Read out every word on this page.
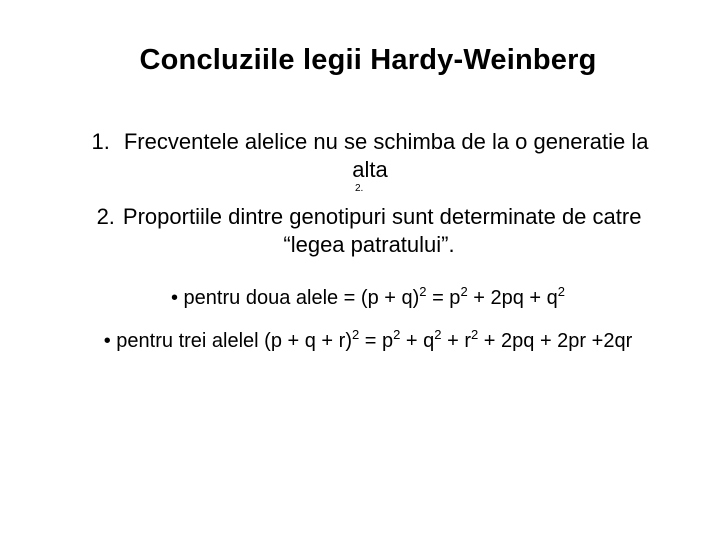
Concluziile legii Hardy-Weinberg
1. Frecventele alelice nu se schimba de la o generatie la
alta
2.
2. Proportiile dintre genotipuri sunt determinate de catre
“legea patratului”.
• pentru doua alele = $(p + q)^2 = p^2 + 2pq + q^2$
• pentru trei alelel $(p + q + r)^2 = p^2 + q^2 + r^2 + 2pq + 2pr +2qr$
